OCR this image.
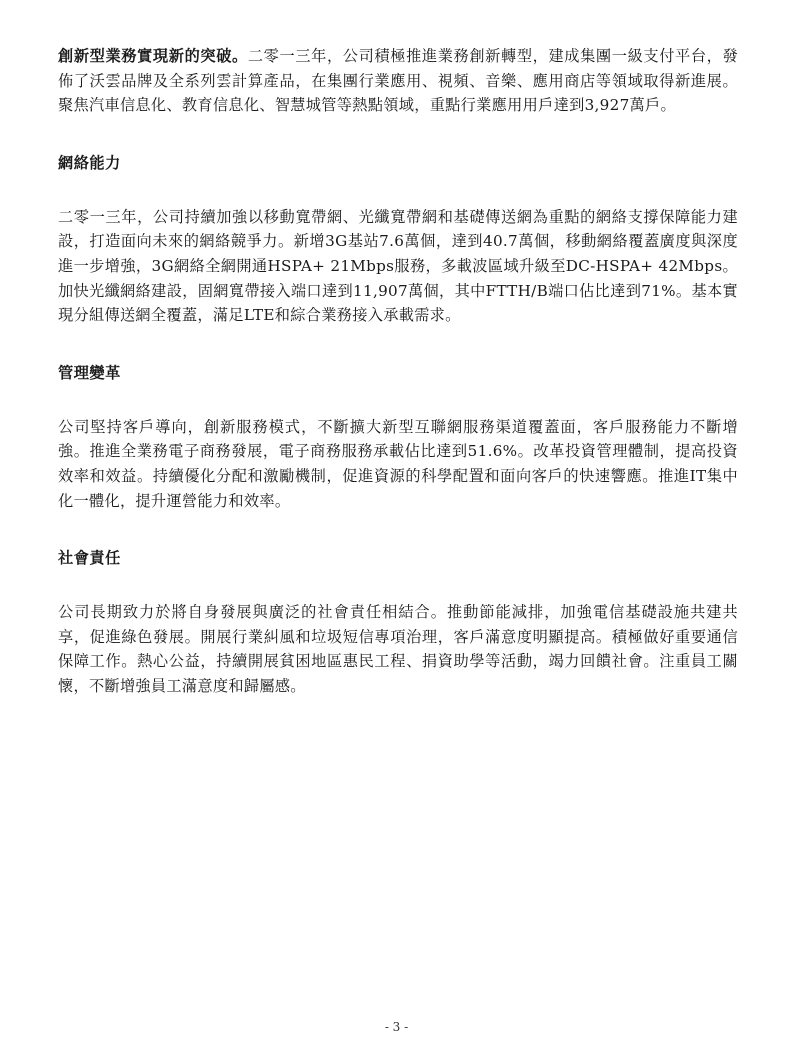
創新型業務實現新的突破。二零一三年，公司積極推進業務創新轉型，建成集團一級支付平台，發佈了沃雲品牌及全系列雲計算產品，在集團行業應用、視頻、音樂、應用商店等領域取得新進展。聚焦汽車信息化、教育信息化、智慧城管等熱點領域，重點行業應用用戶達到3,927萬戶。

網絡能力

二零一三年，公司持續加強以移動寬帶網、光纖寬帶網和基礎傳送網為重點的網絡支撐保障能力建設，打造面向未來的網絡競爭力。新增3G基站7.6萬個，達到40.7萬個，移動網絡覆蓋廣度與深度進一步增強，3G網絡全網開通HSPA+ 21Mbps服務，多載波區域升級至DC-HSPA+ 42Mbps。加快光纖網絡建設，固網寬帶接入端口達到11,907萬個，其中FTTH/B端口佔比達到71%。基本實現分組傳送網全覆蓋，滿足LTE和綜合業務接入承載需求。

管理變革

公司堅持客戶導向，創新服務模式，不斷擴大新型互聯網服務渠道覆蓋面，客戶服務能力不斷增強。推進全業務電子商務發展，電子商務服務承載佔比達到51.6%。改革投資管理體制，提高投資效率和效益。持續優化分配和激勵機制，促進資源的科學配置和面向客戶的快速響應。推進IT集中化一體化，提升運營能力和效率。

社會責任

公司長期致力於將自身發展與廣泛的社會責任相結合。推動節能減排，加強電信基礎設施共建共享，促進綠色發展。開展行業糾風和垃圾短信專項治理，客戶滿意度明顯提高。積極做好重要通信保障工作。熱心公益，持續開展貧困地區惠民工程、捐資助學等活動，竭力回饋社會。注重員工關懷，不斷增強員工滿意度和歸屬感。

- 3 -
